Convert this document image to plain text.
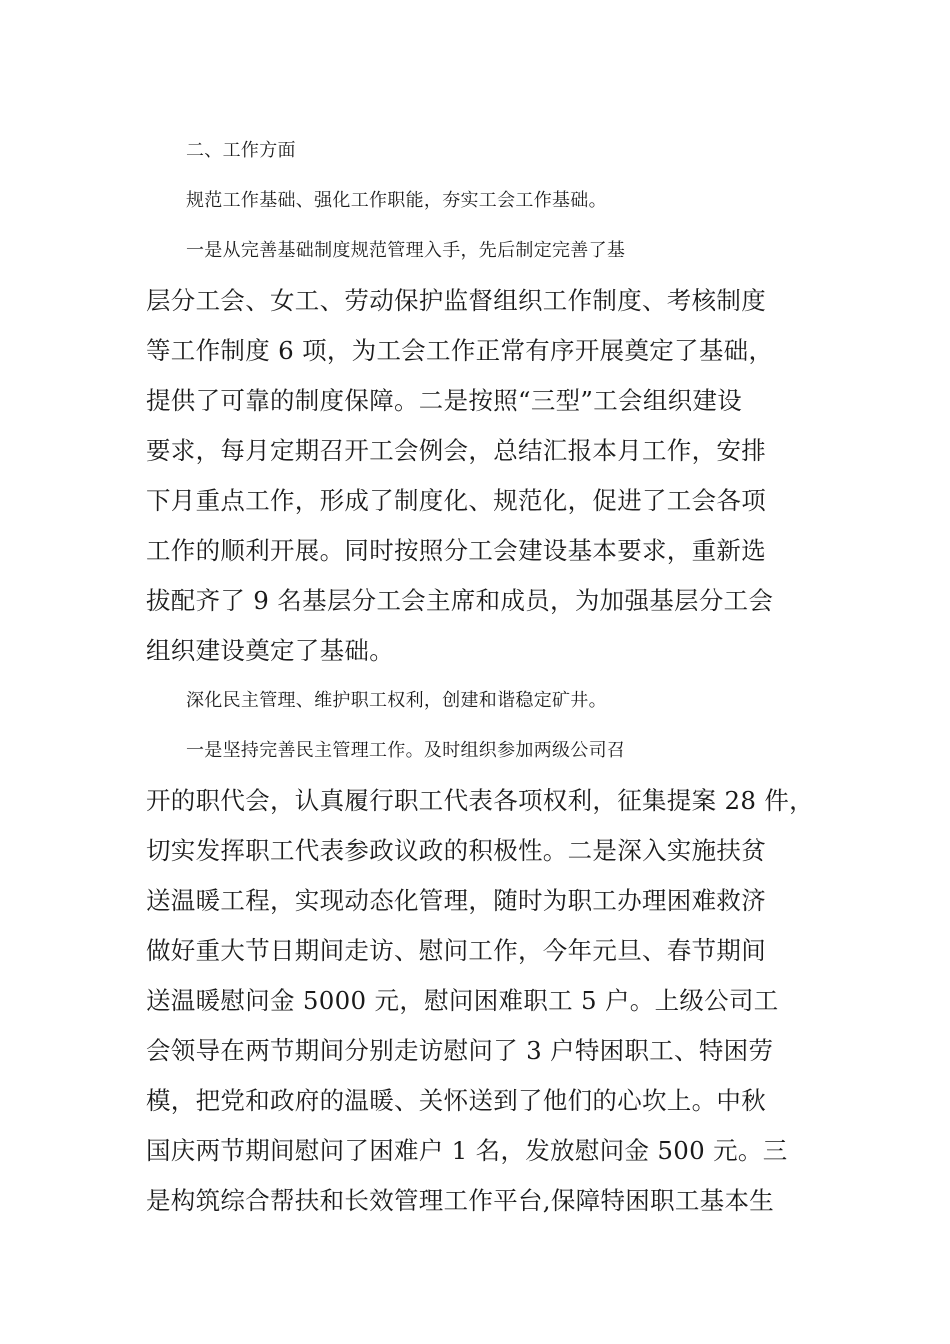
二、工作方面
规范工作基础、强化工作职能，夯实工会工作基础。
一是从完善基础制度规范管理入手，先后制定完善了基
层分工会、女工、劳动保护监督组织工作制度、考核制度
等工作制度 6 项，为工会工作正常有序开展奠定了基础，
提供了可靠的制度保障。二是按照“三型”工会组织建设
要求，每月定期召开工会例会，总结汇报本月工作，安排
下月重点工作，形成了制度化、规范化，促进了工会各项
工作的顺利开展。同时按照分工会建设基本要求，重新选
拔配齐了 9 名基层分工会主席和成员，为加强基层分工会
组织建设奠定了基础。
深化民主管理、维护职工权利，创建和谐稳定矿井。
一是坚持完善民主管理工作。及时组织参加两级公司召
开的职代会，认真履行职工代表各项权利，征集提案 28 件，
切实发挥职工代表参政议政的积极性。二是深入实施扶贫
送温暖工程，实现动态化管理，随时为职工办理困难救济
做好重大节日期间走访、慰问工作，今年元旦、春节期间
送温暖慰问金 5000 元，慰问困难职工 5 户。上级公司工
会领导在两节期间分别走访慰问了 3 户特困职工、特困劳
模，把党和政府的温暖、关怀送到了他们的心坎上。中秋
国庆两节期间慰问了困难户 1 名，发放慰问金 500 元。三
是构筑综合帮扶和长效管理工作平台,保障特困职工基本生
